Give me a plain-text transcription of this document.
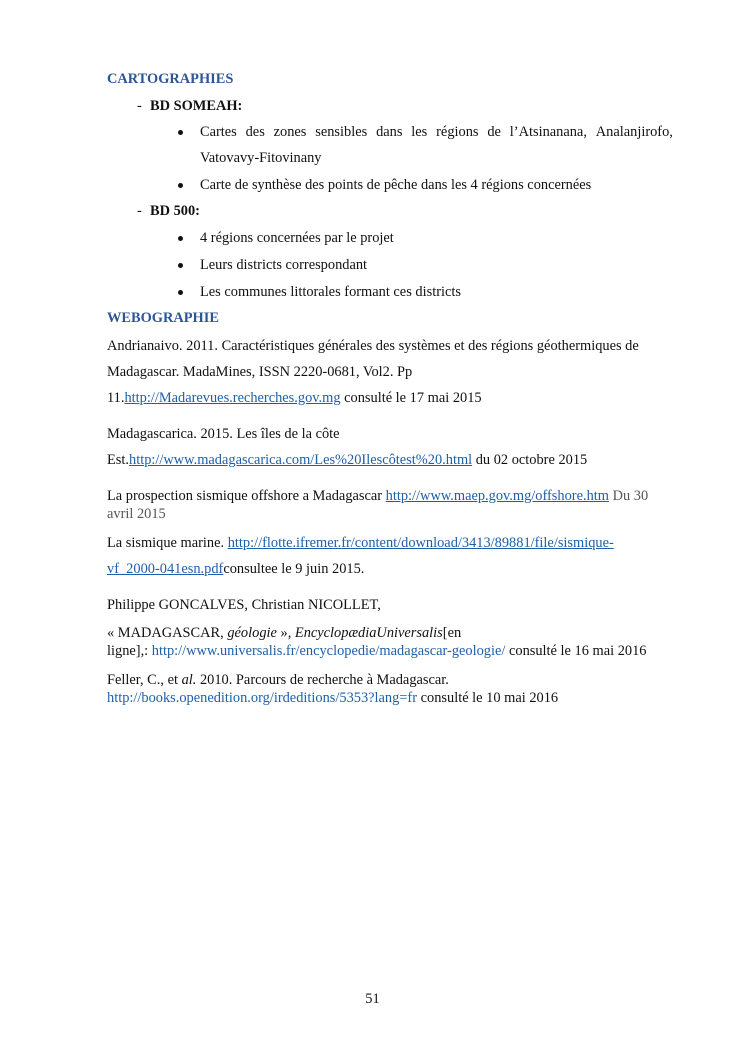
CARTOGRAPHIES
- BD SOMEAH:
Cartes des zones sensibles dans les régions de l’Atsinanana, Analanjirofo,
Vatovavy-Fitovinany
Carte de synthèse des points de pêche dans les 4 régions concernées
- BD 500:
4 régions concernées par le projet
Leurs districts correspondant
Les communes littorales formant ces districts
WEBOGRAPHIE
Andrianaivo. 2011. Caractéristiques générales des systèmes et des régions géothermiques de
Madagascar. MadaMines, ISSN 2220-0681, Vol2. Pp
11.http://Madarevues.recherches.gov.mg consulté le 17 mai 2015
Madagascarica. 2015. Les îles de la côte
Est.http://www.madagascarica.com/Les%20Ilescôtest%20.html du 02 octobre 2015
La prospection sismique offshore a Madagascar http://www.maep.gov.mg/offshore.htm Du 30
avril 2015
La sismique marine. http://flotte.ifremer.fr/content/download/3413/89881/file/sismique-
vf_2000-041esn.pdfconsultee le 9 juin 2015.
Philippe GONCALVES, Christian NICOLLET,
« MADAGASCAR, géologie », EncyclopædiaUniversalis[en
ligne],: http://www.universalis.fr/encyclopedie/madagascar-geologie/ consulté le 16 mai 2016
Feller, C., et al. 2010. Parcours de recherche à Madagascar.
http://books.openedition.org/irdeditions/5353?lang=fr consulté le 10 mai 2016
51
